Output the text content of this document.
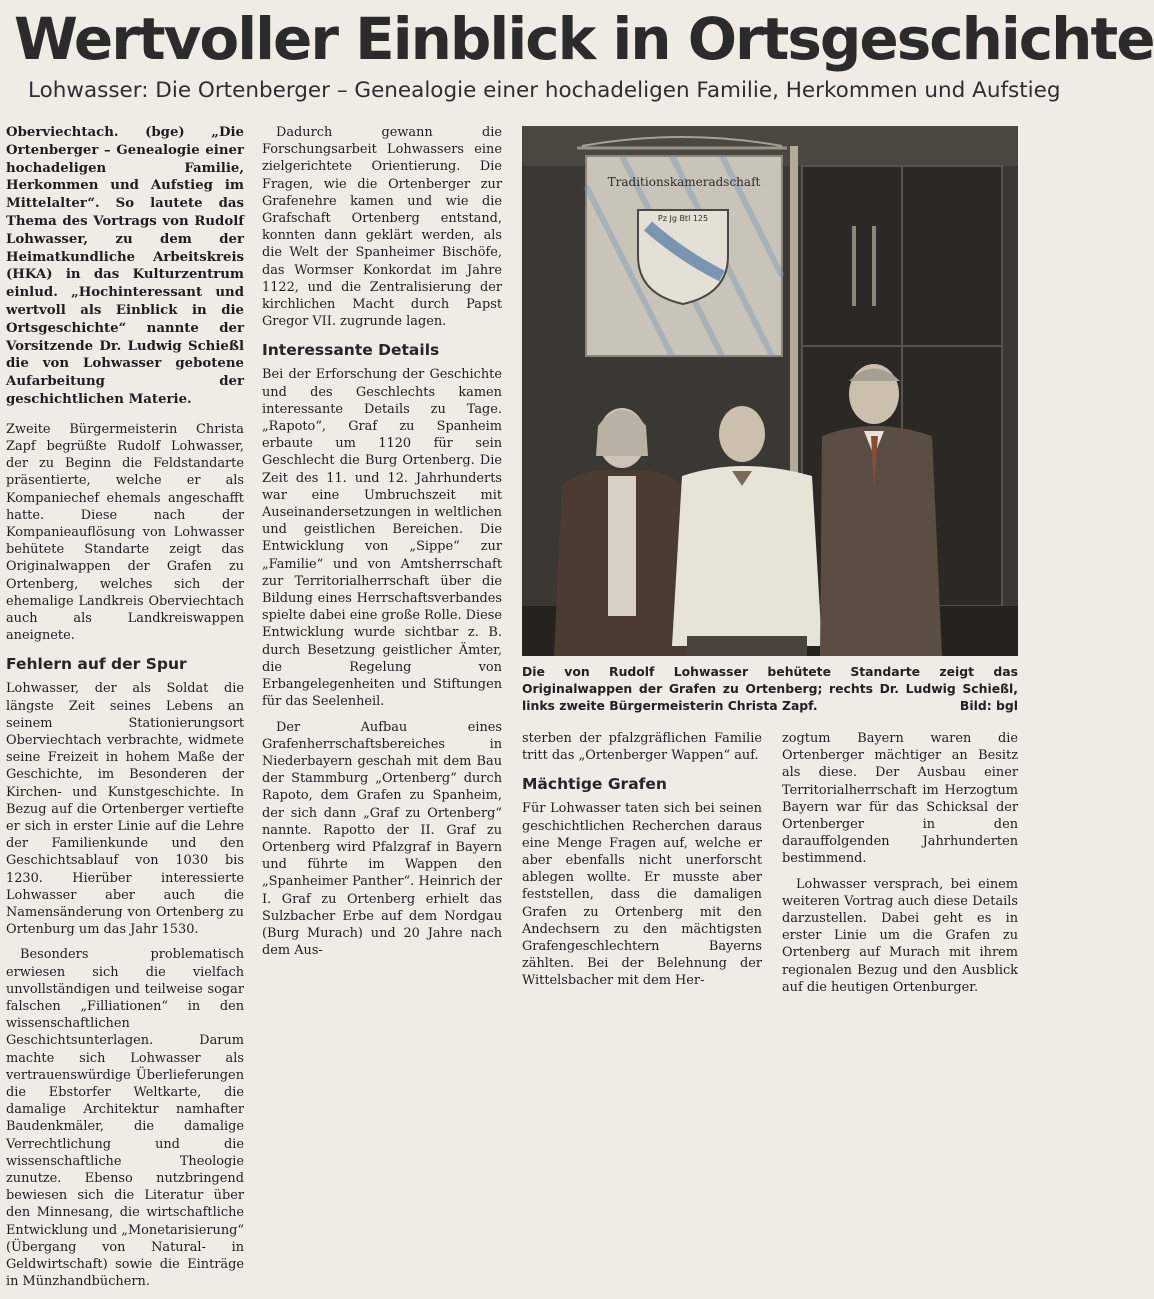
Wertvoller Einblick in Ortsgeschichte

Lohwasser: Die Ortenberger – Genealogie einer hochadeligen Familie, Herkommen und Aufstieg

Oberviechtach. (bge) „Die Ortenberger – Genealogie einer hochadeligen Familie, Herkommen und Aufstieg im Mittelalter“. So lautete das Thema des Vortrags von Rudolf Lohwasser, zu dem der Heimatkundliche Arbeitskreis (HKA) in das Kulturzentrum einlud. „Hochinteressant und wertvoll als Einblick in die Ortsgeschichte“ nannte der Vorsitzende Dr. Ludwig Schießl die von Lohwasser gebotene Aufarbeitung der geschichtlichen Materie.

Zweite Bürgermeisterin Christa Zapf begrüßte Rudolf Lohwasser, der zu Beginn die Feldstandarte präsentierte, welche er als Kompaniechef ehemals angeschafft hatte. Diese nach der Kompanieauflösung von Lohwasser behütete Standarte zeigt das Originalwappen der Grafen zu Ortenberg, welches sich der ehemalige Landkreis Oberviechtach auch als Landkreiswappen aneignete.

Fehlern auf der Spur

Lohwasser, der als Soldat die längste Zeit seines Lebens an seinem Stationierungsort Oberviechtach verbrachte, widmete seine Freizeit in hohem Maße der Geschichte, im Besonderen der Kirchen- und Kunstgeschichte. In Bezug auf die Ortenberger vertiefte er sich in erster Linie auf die Lehre der Familienkunde und den Geschichtsablauf von 1030 bis 1230. Hierüber interessierte Lohwasser aber auch die Namensänderung von Ortenberg zu Ortenburg um das Jahr 1530.

Besonders problematisch erwiesen sich die vielfach unvollständigen und teilweise sogar falschen „Filliationen“ in den wissenschaftlichen Geschichtsunterlagen. Darum machte sich Lohwasser als vertrauenswürdige Überlieferungen die Ebstorfer Weltkarte, die damalige Architektur namhafter Baudenkmäler, die damalige Verrechtlichung und die wissenschaftliche Theologie zunutze. Ebenso nutzbringend bewiesen sich die Literatur über den Minnesang, die wirtschaftliche Entwicklung und „Monetarisierung“ (Übergang von Natural- in Geldwirtschaft) sowie die Einträge in Münzhandbüchern.

Dadurch gewann die Forschungsarbeit Lohwassers eine zielgerichtete Orientierung. Die Fragen, wie die Ortenberger zur Grafenehre kamen und wie die Grafschaft Ortenberg entstand, konnten dann geklärt werden, als die Welt der Spanheimer Bischöfe, das Wormser Konkordat im Jahre 1122, und die Zentralisierung der kirchlichen Macht durch Papst Gregor VII. zugrunde lagen.

Interessante Details

Bei der Erforschung der Geschichte und des Geschlechts kamen interessante Details zu Tage. „Rapoto“, Graf zu Spanheim erbaute um 1120 für sein Geschlecht die Burg Ortenberg. Die Zeit des 11. und 12. Jahrhunderts war eine Umbruchszeit mit Auseinandersetzungen in weltlichen und geistlichen Bereichen. Die Entwicklung von „Sippe“ zur „Familie“ und von Amtsherrschaft zur Territorialherrschaft über die Bildung eines Herrschaftsverbandes spielte dabei eine große Rolle. Diese Entwicklung wurde sichtbar z. B. durch Besetzung geistlicher Ämter, die Regelung von Erbangelegenheiten und Stiftungen für das Seelenheil.

Der Aufbau eines Grafenherrschaftsbereiches in Niederbayern geschah mit dem Bau der Stammburg „Ortenberg“ durch Rapoto, dem Grafen zu Spanheim, der sich dann „Graf zu Ortenberg“ nannte. Rapotto der II. Graf zu Ortenberg wird Pfalzgraf in Bayern und führte im Wappen den „Spanheimer Panther“. Heinrich der I. Graf zu Ortenberg erhielt das Sulzbacher Erbe auf dem Nordgau (Burg Murach) und 20 Jahre nach dem Aus-

Traditionskameradschaft
Pz Jg Btl 125
Die von Rudolf Lohwasser behütete Standarte zeigt das Originalwappen der Grafen zu Ortenberg; rechts Dr. Ludwig Schießl, links zweite Bürgermeisterin Christa Zapf.	Bild: bgl

sterben der pfalzgräflichen Familie tritt das „Ortenberger Wappen“ auf.

Mächtige Grafen

Für Lohwasser taten sich bei seinen geschichtlichen Recherchen daraus eine Menge Fragen auf, welche er aber ebenfalls nicht unerforscht ablegen wollte. Er musste aber feststellen, dass die damaligen Grafen zu Ortenberg mit den Andechsern zu den mächtigsten Grafengeschlechtern Bayerns zählten. Bei der Belehnung der Wittelsbacher mit dem Her-

zogtum Bayern waren die Ortenberger mächtiger an Besitz als diese. Der Ausbau einer Territorialherrschaft im Herzogtum Bayern war für das Schicksal der Ortenberger in den darauffolgenden Jahrhunderten bestimmend.

Lohwasser versprach, bei einem weiteren Vortrag auch diese Details darzustellen. Dabei geht es in erster Linie um die Grafen zu Ortenberg auf Murach mit ihrem regionalen Bezug und den Ausblick auf die heutigen Ortenburger.
